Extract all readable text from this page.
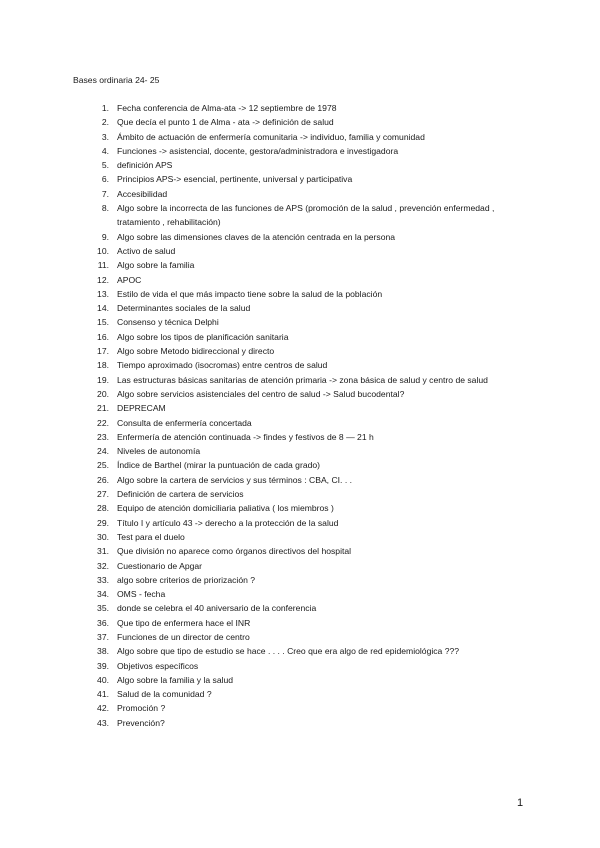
Bases ordinaria 24- 25
1. Fecha conferencia de Alma-ata -> 12 septiembre de 1978
2. Que decía el punto 1 de Alma - ata -> definición de salud
3. Ámbito de actuación de enfermería comunitaria -> individuo, familia y comunidad
4. Funciones -> asistencial, docente, gestora/administradora e investigadora
5. definición APS
6. Principios APS-> esencial, pertinente, universal y participativa
7. Accesibilidad
8. Algo sobre la incorrecta de las funciones de APS (promoción de la salud , prevención enfermedad , tratamiento , rehabilitación)
9. Algo sobre las dimensiones claves de la atención centrada en la persona
10. Activo de salud
11. Algo sobre la familia
12. APOC
13. Estilo de vida el que más impacto tiene sobre la salud de la población
14. Determinantes sociales de la salud
15. Consenso y técnica Delphi
16. Algo sobre los tipos de planificación sanitaria
17. Algo sobre Metodo bidireccional y directo
18. Tiempo aproximado (isocromas) entre centros de salud
19. Las estructuras básicas sanitarias de atención primaria -> zona básica de salud y centro de salud
20. Algo sobre servicios asistenciales del centro de salud -> Salud bucodental?
21. DEPRECAM
22. Consulta de enfermería concertada
23. Enfermería de atención continuada -> findes y festivos de 8 — 21 h
24. Niveles de autonomía
25. Índice de Barthel (mirar la puntuación de cada grado)
26. Algo sobre la cartera de servicios y sus términos : CBA, CI. . .
27. Definición de cartera de servicios
28. Equipo de atención domiciliaria paliativa ( los miembros )
29. Título I y artículo 43 -> derecho a la protección de la salud
30. Test para el duelo
31. Que división no aparece como órganos directivos del hospital
32. Cuestionario de Apgar
33. algo sobre criterios de priorización ?
34. OMS - fecha
35. donde se celebra el 40 aniversario de la conferencia
36. Que tipo de enfermera hace el INR
37. Funciones de un director de centro
38. Algo sobre que tipo de estudio se hace . . . . Creo que era algo de red epidemiológica ???
39. Objetivos específicos
40. Algo sobre la familia y la salud
41. Salud de la comunidad ?
42. Promoción ?
43. Prevención?
1
